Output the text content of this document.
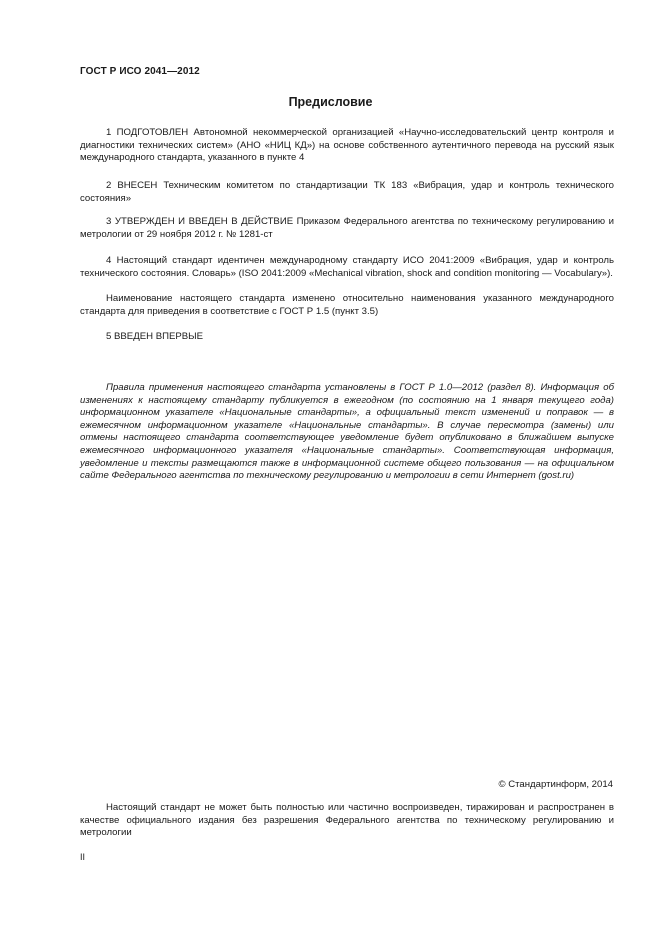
ГОСТ Р ИСО 2041—2012
Предисловие

1 ПОДГОТОВЛЕН Автономной некоммерческой организацией «Научно-исследовательский центр контроля и диагностики технических систем» (АНО «НИЦ КД») на основе собственного аутентичного перевода на русский язык международного стандарта, указанного в пункте 4

2 ВНЕСЕН Техническим комитетом по стандартизации ТК 183 «Вибрация, удар и контроль технического состояния»

3 УТВЕРЖДЕН И ВВЕДЕН В ДЕЙСТВИЕ Приказом Федерального агентства по техническому регулированию и метрологии от 29 ноября 2012 г. № 1281-ст

4 Настоящий стандарт идентичен международному стандарту ИСО 2041:2009 «Вибрация, удар и контроль технического состояния. Словарь» (ISO 2041:2009 «Mechanical vibration, shock and condition monitoring — Vocabulary»).

Наименование настоящего стандарта изменено относительно наименования указанного международного стандарта для приведения в соответствие с ГОСТ Р 1.5 (пункт 3.5)

5 ВВЕДЕН ВПЕРВЫЕ

Правила применения настоящего стандарта установлены в ГОСТ Р 1.0—2012 (раздел 8). Информация об изменениях к настоящему стандарту публикуется в ежегодном (по состоянию на 1 января текущего года) информационном указателе «Национальные стандарты», а официальный текст изменений и поправок — в ежемесячном информационном указателе «Национальные стандарты». В случае пересмотра (замены) или отмены настоящего стандарта соответствующее уведомление будет опубликовано в ближайшем выпуске ежемесячного информационного указателя «Национальные стандарты». Соответствующая информация, уведомление и тексты размещаются также в информационной системе общего пользования — на официальном сайте Федерального агентства по техническому регулированию и метрологии в сети Интернет (gost.ru)

© Стандартинформ, 2014

Настоящий стандарт не может быть полностью или частично воспроизведен, тиражирован и распространен в качестве официального издания без разрешения Федерального агентства по техническому регулированию и метрологии

II
